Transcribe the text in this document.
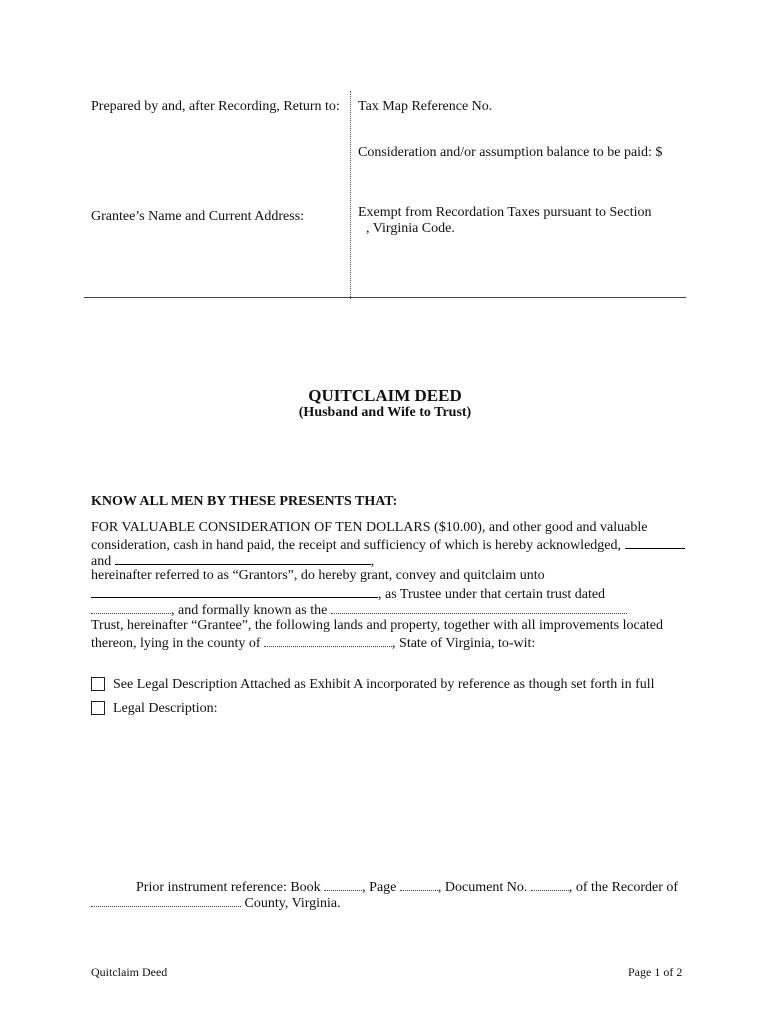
Prepared by and, after Recording, Return to: Tax Map Reference No.
Consideration and/or assumption balance to be paid: $
Grantee’s Name and Current Address:	Exempt from Recordation Taxes pursuant to Section
, Virginia Code.
QUITCLAIM DEED
(Husband and Wife to Trust)
KNOW ALL MEN BY THESE PRESENTS THAT:
FOR VALUABLE CONSIDERATION OF TEN DOLLARS ($10.00), and other good and valuable
consideration, cash in hand paid, the receipt and sufficiency of which is hereby acknowledged,
and	,
hereinafter referred to as “Grantors”, do hereby grant, convey and quitclaim unto
, as Trustee under that certain trust dated
, and formally known as the
Trust, hereinafter “Grantee”, the following lands and property, together with all improvements located
thereon, lying in the county of	, State of Virginia, to-wit:
See Legal Description Attached as Exhibit A incorporated by reference as though set forth in full
Legal Description:
Prior instrument reference: Book	, Page	, Document No.	, of the Recorder of
County, Virginia.
Quitclaim Deed	Page 1 of 2
